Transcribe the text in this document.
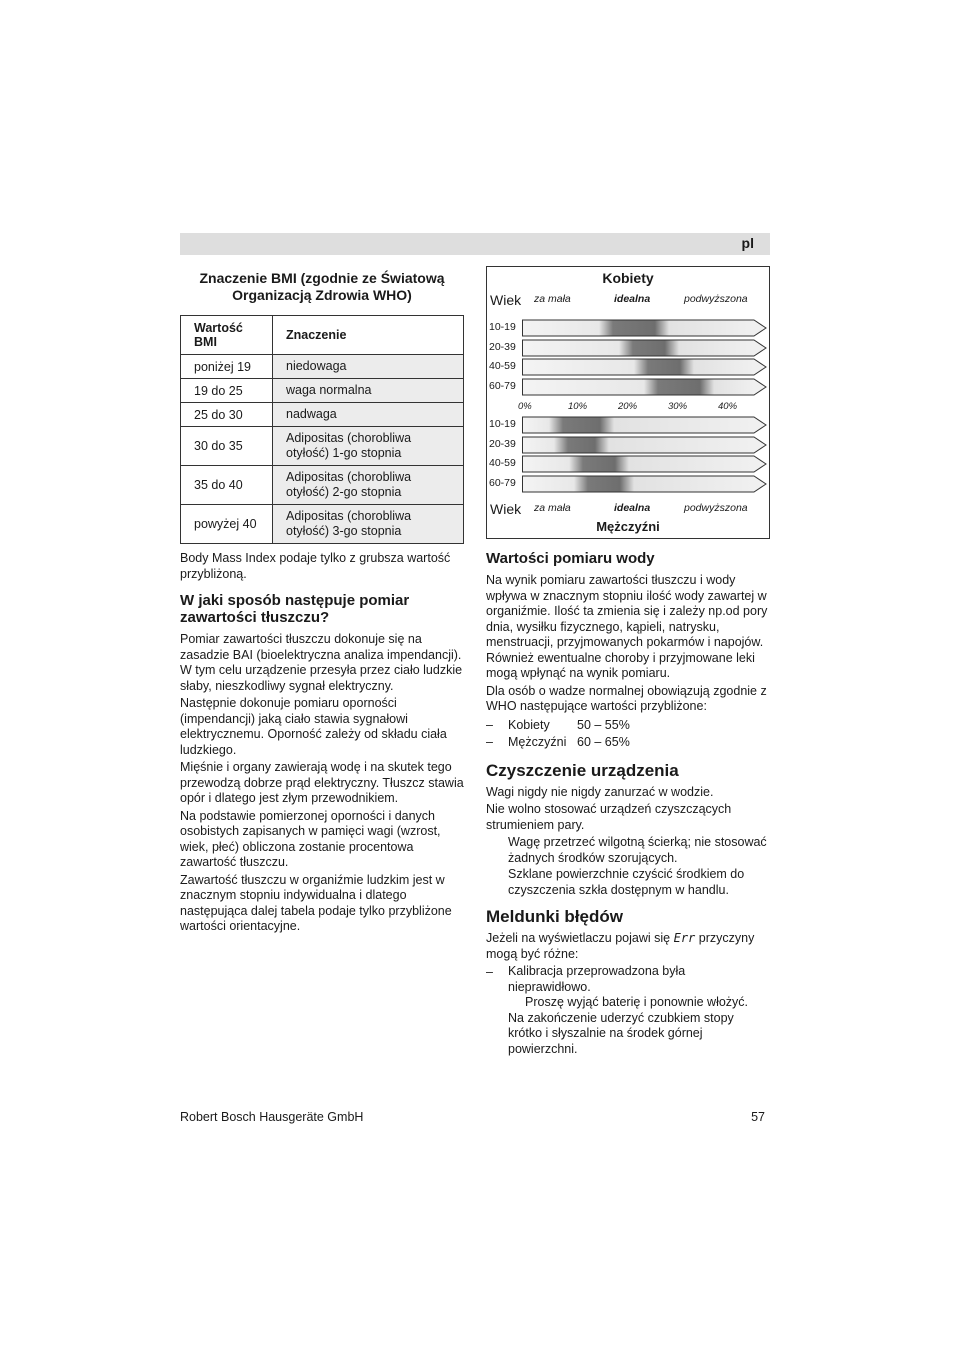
pl
Znaczenie BMI (zgodnie ze Światową Organizacją Zdrowia WHO)
Wartość BMI	Znaczenie
poniżej 19	niedowaga
19 do 25	waga normalna
25 do 30	nadwaga
30 do 35	Adipositas (chorobliwa otyłość) 1-go stopnia
35 do 40	Adipositas (chorobliwa otyłość) 2-go stopnia
powyżej 40	Adipositas (chorobliwa otyłość) 3-go stopnia

Body Mass Index podaje tylko z grubsza wartość przybliżoną.

W jaki sposób następuje pomiar zawartości tłuszczu?

Pomiar zawartości tłuszczu dokonuje się na zasadzie BAI (bioelektryczna analiza impendancji). W tym celu urządzenie przesyła przez ciało ludzkie słaby, nieszkodliwy sygnał elektryczny.

Następnie dokonuje pomiaru oporności (impendancji) jaką ciało stawia sygnałowi elektrycznemu. Oporność zależy od składu ciała ludzkiego.

Mięśnie i organy zawierają wodę i na skutek tego przewodzą dobrze prąd elektryczny. Tłuszcz stawia opór i dlatego jest złym przewodnikiem.

Na podstawie pomierzonej oporności i danych osobistych zapisanych w pamięci wagi (wzrost, wiek, płeć) obliczona zostanie procentowa zawartość tłuszczu.

Zawartość tłuszczu w organiźmie ludzkim jest w znacznym stopniu indywidualna i dlatego następująca dalej tabela podaje tylko przybliżone wartości orientacyjne.

Kobiety
Wiek za mała	idealna	podwyższona
Wiek za mała	idealna	podwyższona
Mężczyźni
10-19
20-39
40-59
60-79
10-19
20-39
40-59
60-79
0%	10%	20%	30%	40%
Wartości pomiaru wody

Na wynik pomiaru zawartości tłuszczu i wody wpływa w znacznym stopniu ilość wody zawartej w organiźmie. Ilość ta zmienia się i zależy np.od pory dnia, wysiłku fizycznego, kąpieli, natrysku, menstruacji, przyjmowanych pokarmów i napojów. Również ewentualne choroby i przyjmowane leki mogą wpłynąć na wynik pomiaru.

Dla osób o wadze normalnej obowiązują zgodnie z WHO następujące wartości przybliżone:

–	Kobiety	50 – 55%
–	Mężczyźni 60 – 65%
Czyszczenie urządzenia

Wagi nigdy nie nigdy zanurzać w wodzie.

Nie wolno stosować urządzeń czyszczących strumieniem pary.

Wagę przetrzeć wilgotną ścierką; nie stosować żadnych środków szorujących.

Szklane powierzchnie czyścić środkiem do czyszczenia szkła dostępnym w handlu.

Meldunki błędów

Jeżeli na wyświetlaczu pojawi się Err przyczyny mogą być różne:

–	Kalibracja przeprowadzona była nieprawidłowo.

Proszę wyjąć baterię i ponownie włożyć.

Na zakończenie uderzyć czubkiem stopy krótko i słyszalnie na środek górnej powierzchni.

Robert Bosch Hausgeräte GmbH	57
